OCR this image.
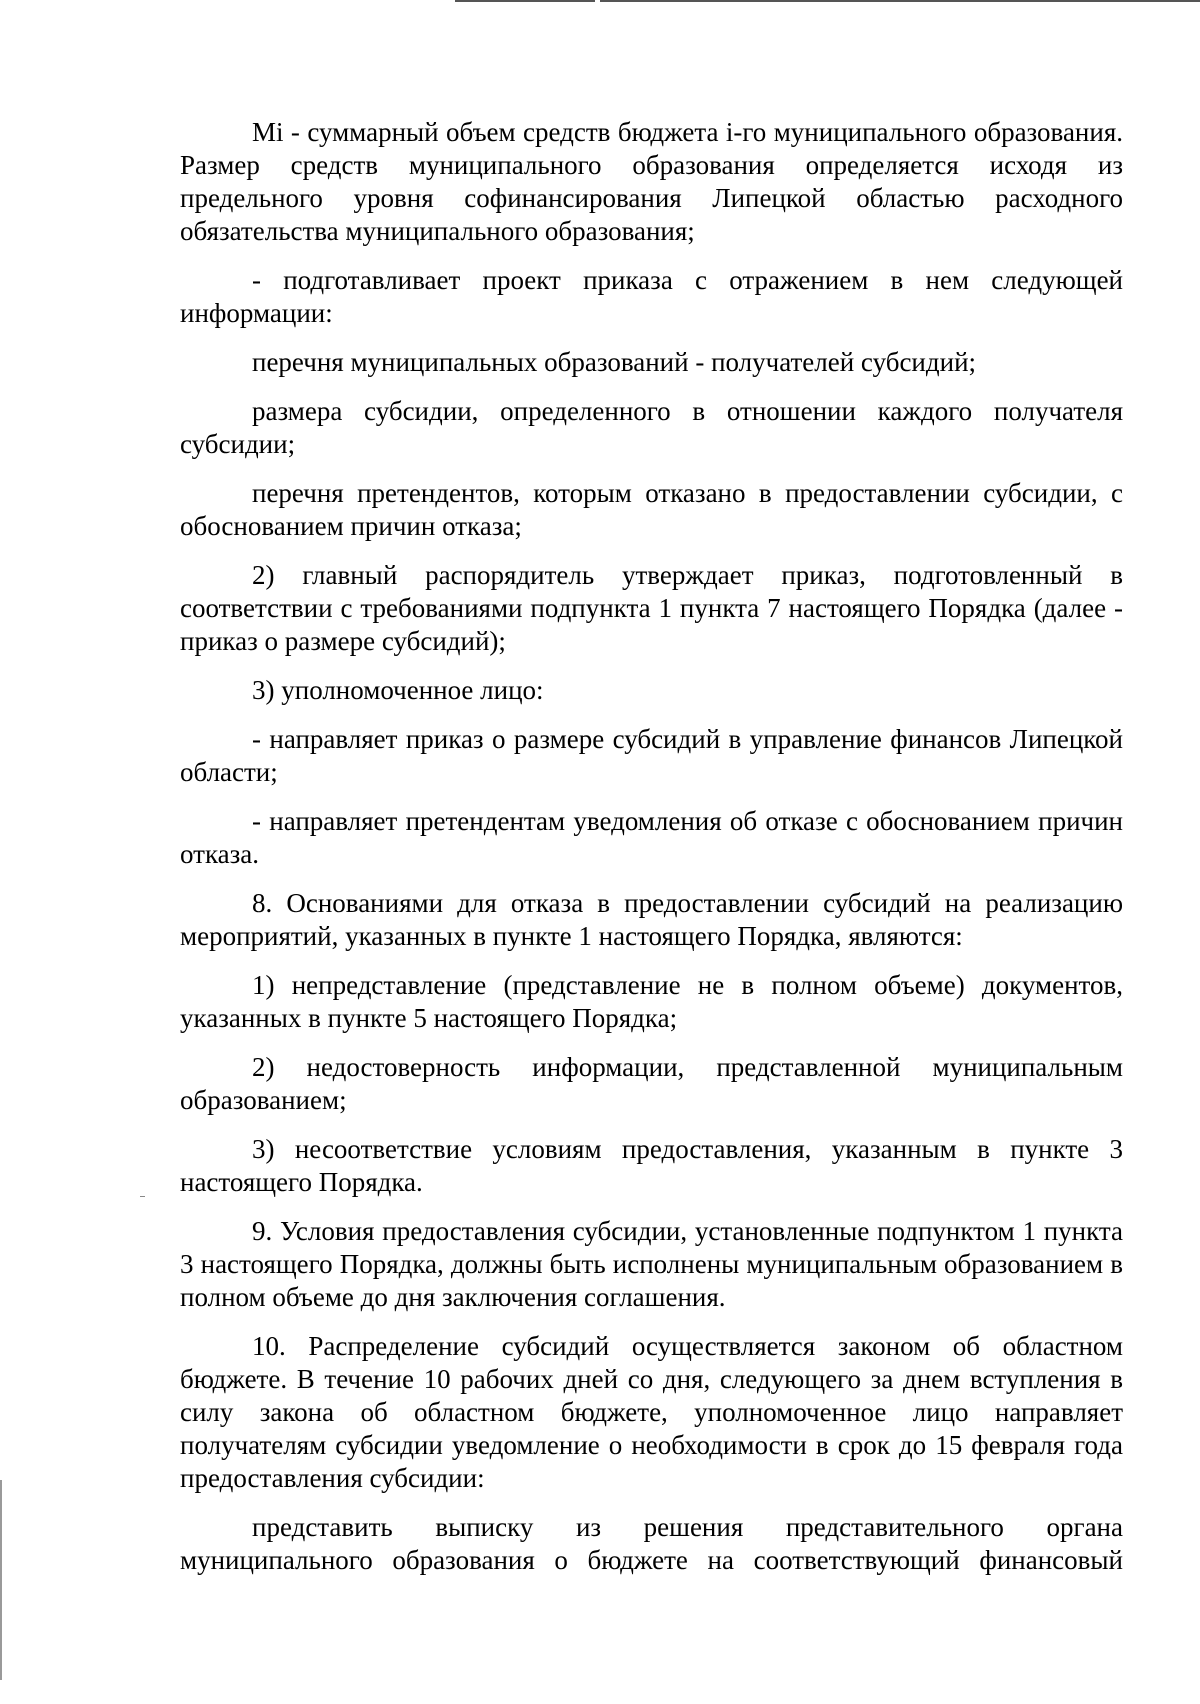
Mi - суммарный объем средств бюджета i-го муниципального образования. Размер средств муниципального образования определяется исходя из предельного уровня софинансирования Липецкой областью расходного обязательства муниципального образования;

- подготавливает проект приказа с отражением в нем следующей информации:

перечня муниципальных образований - получателей субсидий;

размера субсидии, определенного в отношении каждого получателя субсидии;

перечня претендентов, которым отказано в предоставлении субсидии, с обоснованием причин отказа;

2) главный распорядитель утверждает приказ, подготовленный в соответствии с требованиями подпункта 1 пункта 7 настоящего Порядка (далее - приказ о размере субсидий);

3) уполномоченное лицо:

- направляет приказ о размере субсидий в управление финансов Липецкой области;

- направляет претендентам уведомления об отказе с обоснованием причин отказа.

8. Основаниями для отказа в предоставлении субсидий на реализацию мероприятий, указанных в пункте 1 настоящего Порядка, являются:

1) непредставление (представление не в полном объеме) документов, указанных в пункте 5 настоящего Порядка;

2) недостоверность информации, представленной муниципальным образованием;

3) несоответствие условиям предоставления, указанным в пункте 3 настоящего Порядка.

9. Условия предоставления субсидии, установленные подпунктом 1 пункта 3 настоящего Порядка, должны быть исполнены муниципальным образованием в полном объеме до дня заключения соглашения.

10. Распределение субсидий осуществляется законом об областном бюджете. В течение 10 рабочих дней со дня, следующего за днем вступления в силу закона об областном бюджете, уполномоченное лицо направляет получателям субсидии уведомление о необходимости в срок до 15 февраля года предоставления субсидии:

представить выписку из решения представительного органа муниципального образования о бюджете на соответствующий финансовый
